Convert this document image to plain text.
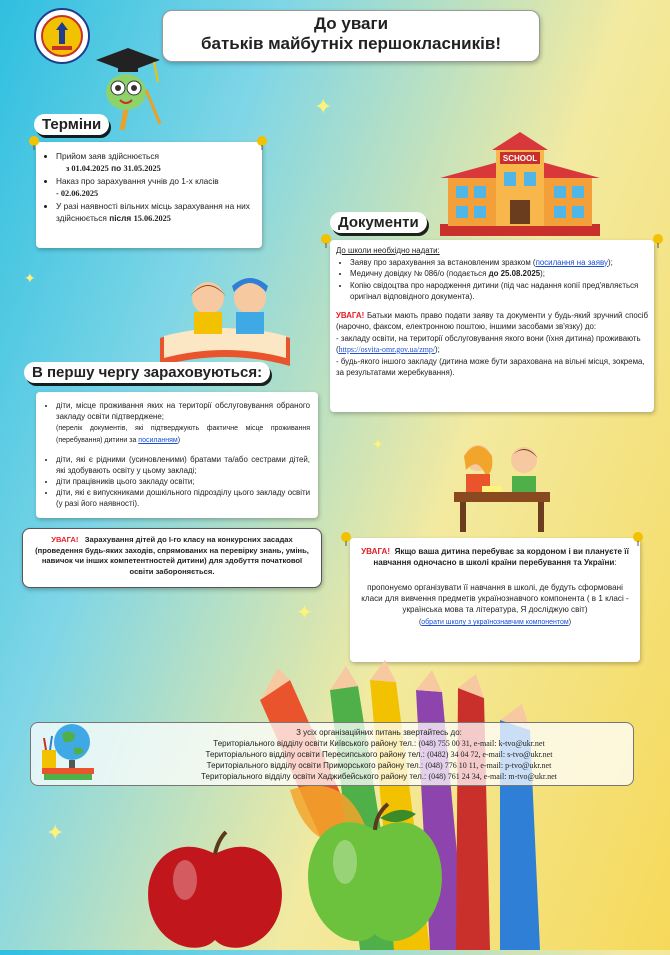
До уваги
батьків майбутніх першокласників!
✦
✦
✦
✦
✦
Терміни
• Прийом заяв здійснюється
з 01.04.2025 по 31.05.2025
• Наказ про зарахування учнів до 1-х класів
- 02.06.2025
• У разі наявності вільних місць зарахування на них здійснюється після 15.06.2025
SCHOOL
Документи
До школи необхідно надати:
• Заяву про зарахування за встановленим зразком (посилання на заяву);
• Медичну довідку № 086/о (подається до 25.08.2025);
• Копію свідоцтва про народження дитини (під час надання копії пред'являється оригінал відповідного документа).
УВАГА! Батьки мають право подати заяву та документи у будь-який зручний спосіб (нарочно, факсом, електронною поштою, іншими засобами зв'язку) до:
- закладу освіти, на території обслуговування якого вони (їхня дитина) проживають (https://osvita-omr.gov.ua/zmp/);
- будь-якого іншого закладу (дитина може бути зарахована на вільні місця, зокрема, за результатами жеребкування).
В першу чергу зараховуються:
• діти, місце проживання яких на території обслуговування обраного закладу освіти підтверджене;
(перелік документів, які підтверджують фактичне місце проживання (перебування) дитини за посиланням)
• діти, які є рідними (усиновленими) братами та/або сестрами дітей, які здобувають освіту у цьому закладі;
• діти працівників цього закладу освіти;
• діти, які є випускниками дошкільного підрозділу цього закладу освіти (у разі його наявності).
УВАГА! Зарахування дітей до І-го класу на конкурсних засадах (проведення будь-яких заходів, спрямованих на перевірку знань, умінь, навичок чи інших компетентностей дитини) для здобуття початкової освіти забороняється.
УВАГА! Якщо ваша дитина перебуває за кордоном і ви плануєте її навчання одночасно в школі країни перебування та України:
пропонуємо організувати її навчання в школі, де будуть сформовані класи для вивчення предметів українознавчого компонента ( в 1 класі - українська мова та література, Я досліджую світ)
(обрати школу з українознавчим компонентом)
З усіх організаційних питань звертайтесь до:
Територіального відділу освіти Київського району тел.: (048) 755 00 31, e-mail: k-tvo@ukr.net
Територіального відділу освіти Пересипського району тел.: (0482) 34 04 72, e-mail: s-tvo@ukr.net
Територіального відділу освіти Приморського району тел.: (048) 776 10 11, e-mail: p-tvo@ukr.net
Територіального відділу освіти Хаджибейського району тел.: (048) 761 24 34, e-mail: m-tvo@ukr.net
